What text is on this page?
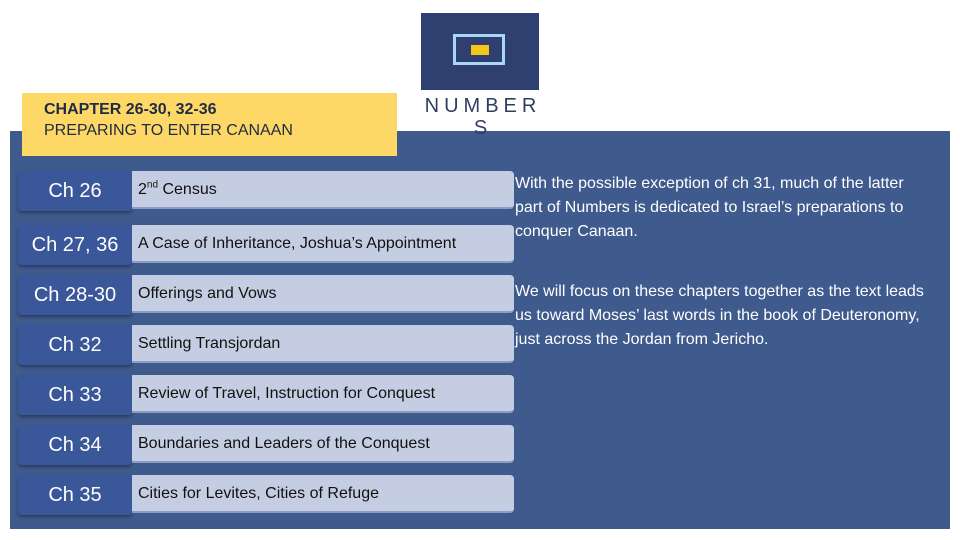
CHAPTER 26-30, 32-36
PREPARING TO ENTER CANAAN
NUMBERS
Ch 26	2nd Census
Ch 27, 36	A Case of Inheritance, Joshua’s Appointment
Ch 28-30	Offerings and Vows
Ch 32	Settling Transjordan
Ch 33	Review of Travel, Instruction for Conquest
Ch 34	Boundaries and Leaders of the Conquest
Ch 35	Cities for Levites, Cities of Refuge
With the possible exception of ch 31, much of the latter part of Numbers is dedicated to Israel’s preparations to conquer Canaan.
We will focus on these chapters together as the text leads us toward Moses’ last words in the book of Deuteronomy, just across the Jordan from Jericho.
